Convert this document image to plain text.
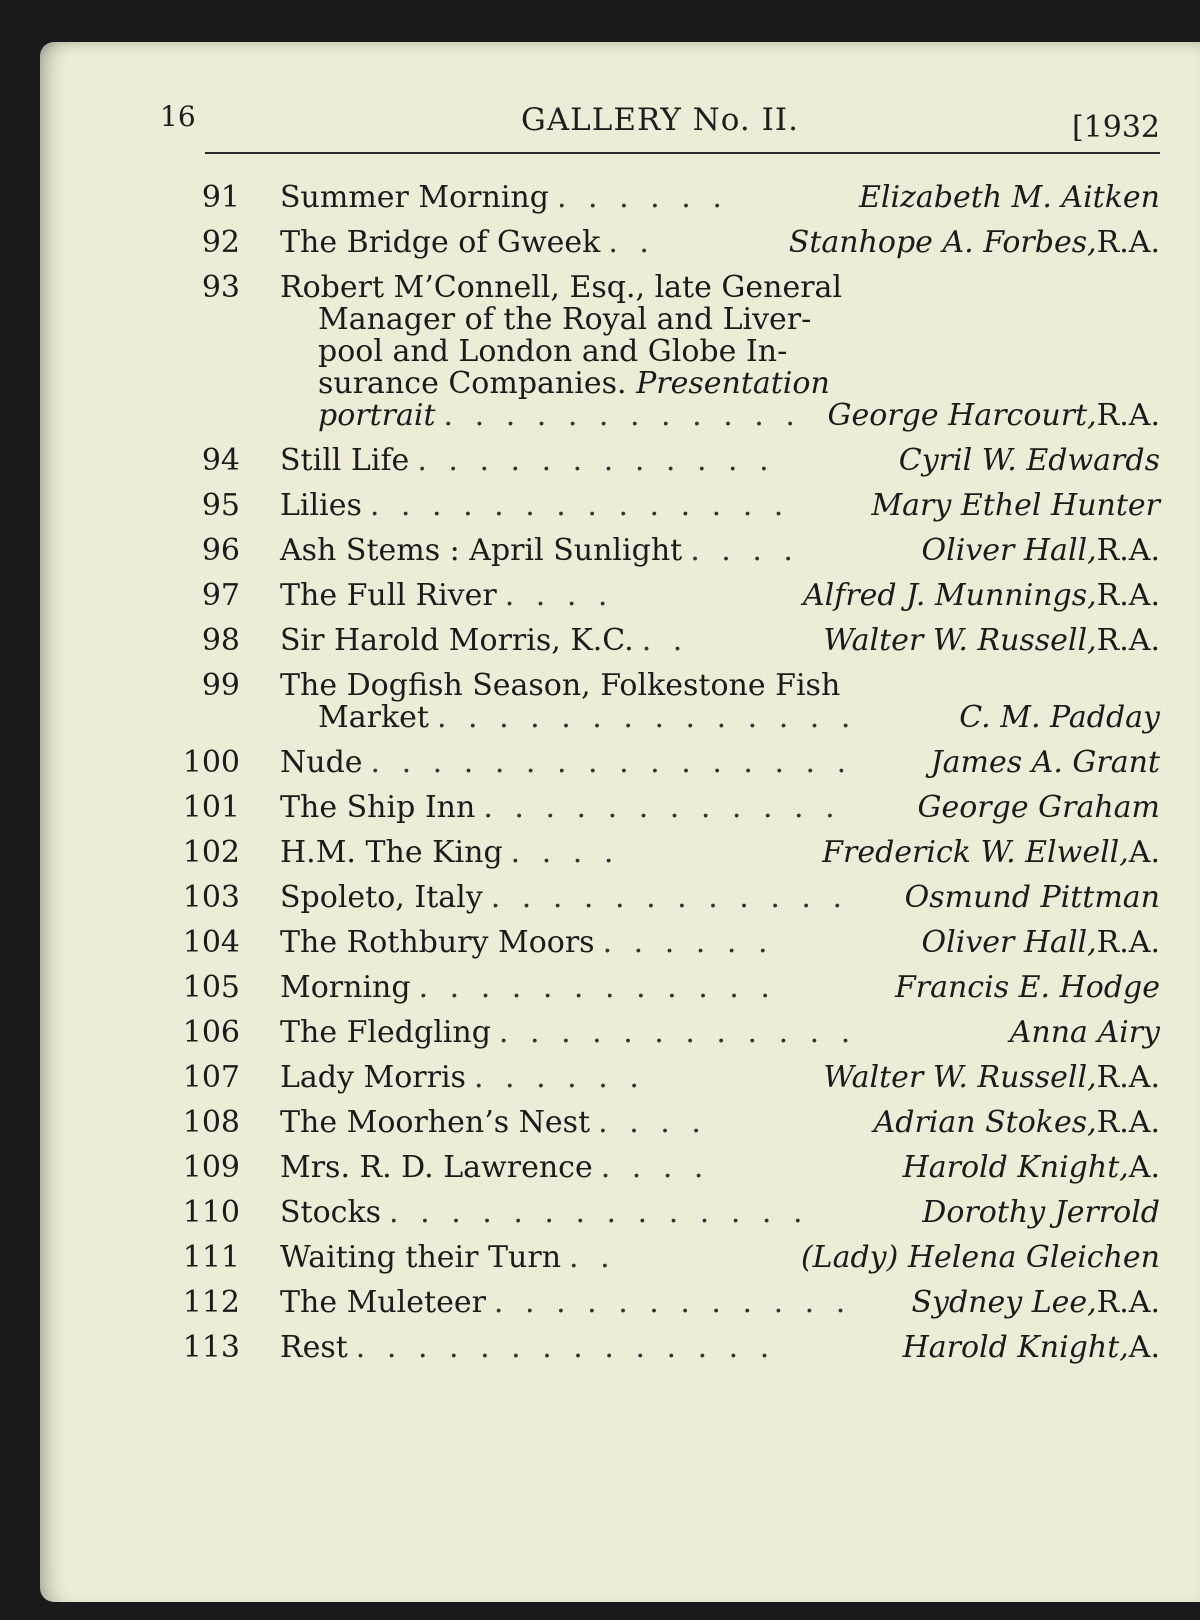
16	GALLERY No. II.	[1932
91 Summer Morning . . . . . .	Elizabeth M. Aitken
92 The Bridge of Gweek . .	Stanhope A. Forbes, R.A.
93 Robert M’Connell, Esq., late General
Manager of the Royal and Liver-
pool and London and Globe In-
surance Companies. Presentation
portrait . . . . . . . . . . . . George Harcourt, R.A.
94 Still Life . . . . . . . . . . . .	Cyril W. Edwards
95 Lilies . . . . . . . . . . . . . .	Mary Ethel Hunter
96 Ash Stems : April Sunlight . . . .	Oliver Hall, R.A.
97 The Full River . . . .	Alfred J. Munnings, R.A.
98 Sir Harold Morris, K.C. . .	Walter W. Russell, R.A.
99 The Dogfish Season, Folkestone Fish
Market . . . . . . . . . . . . . .	C. M. Padday
100 Nude . . . . . . . . . . . . . . . .	James A. Grant
101 The Ship Inn . . . . . . . . . . . .	George Graham
102 H.M. The King . . . .	Frederick W. Elwell, A.
103 Spoleto, Italy . . . . . . . . . . . .	Osmund Pittman
104 The Rothbury Moors . . . . . .	Oliver Hall, R.A.
105 Morning . . . . . . . . . . . .	Francis E. Hodge
106 The Fledgling . . . . . . . . . . . .	Anna Airy
107 Lady Morris . . . . . .	Walter W. Russell, R.A.
108 The Moorhen’s Nest . . . .	Adrian Stokes, R.A.
109 Mrs. R. D. Lawrence . . . .	Harold Knight, A.
110 Stocks . . . . . . . . . . . . . .	Dorothy Jerrold
111 Waiting their Turn . .	(Lady) Helena Gleichen
112 The Muleteer . . . . . . . . . . . .	Sydney Lee, R.A.
113 Rest . . . . . . . . . . . . . .	Harold Knight, A.
